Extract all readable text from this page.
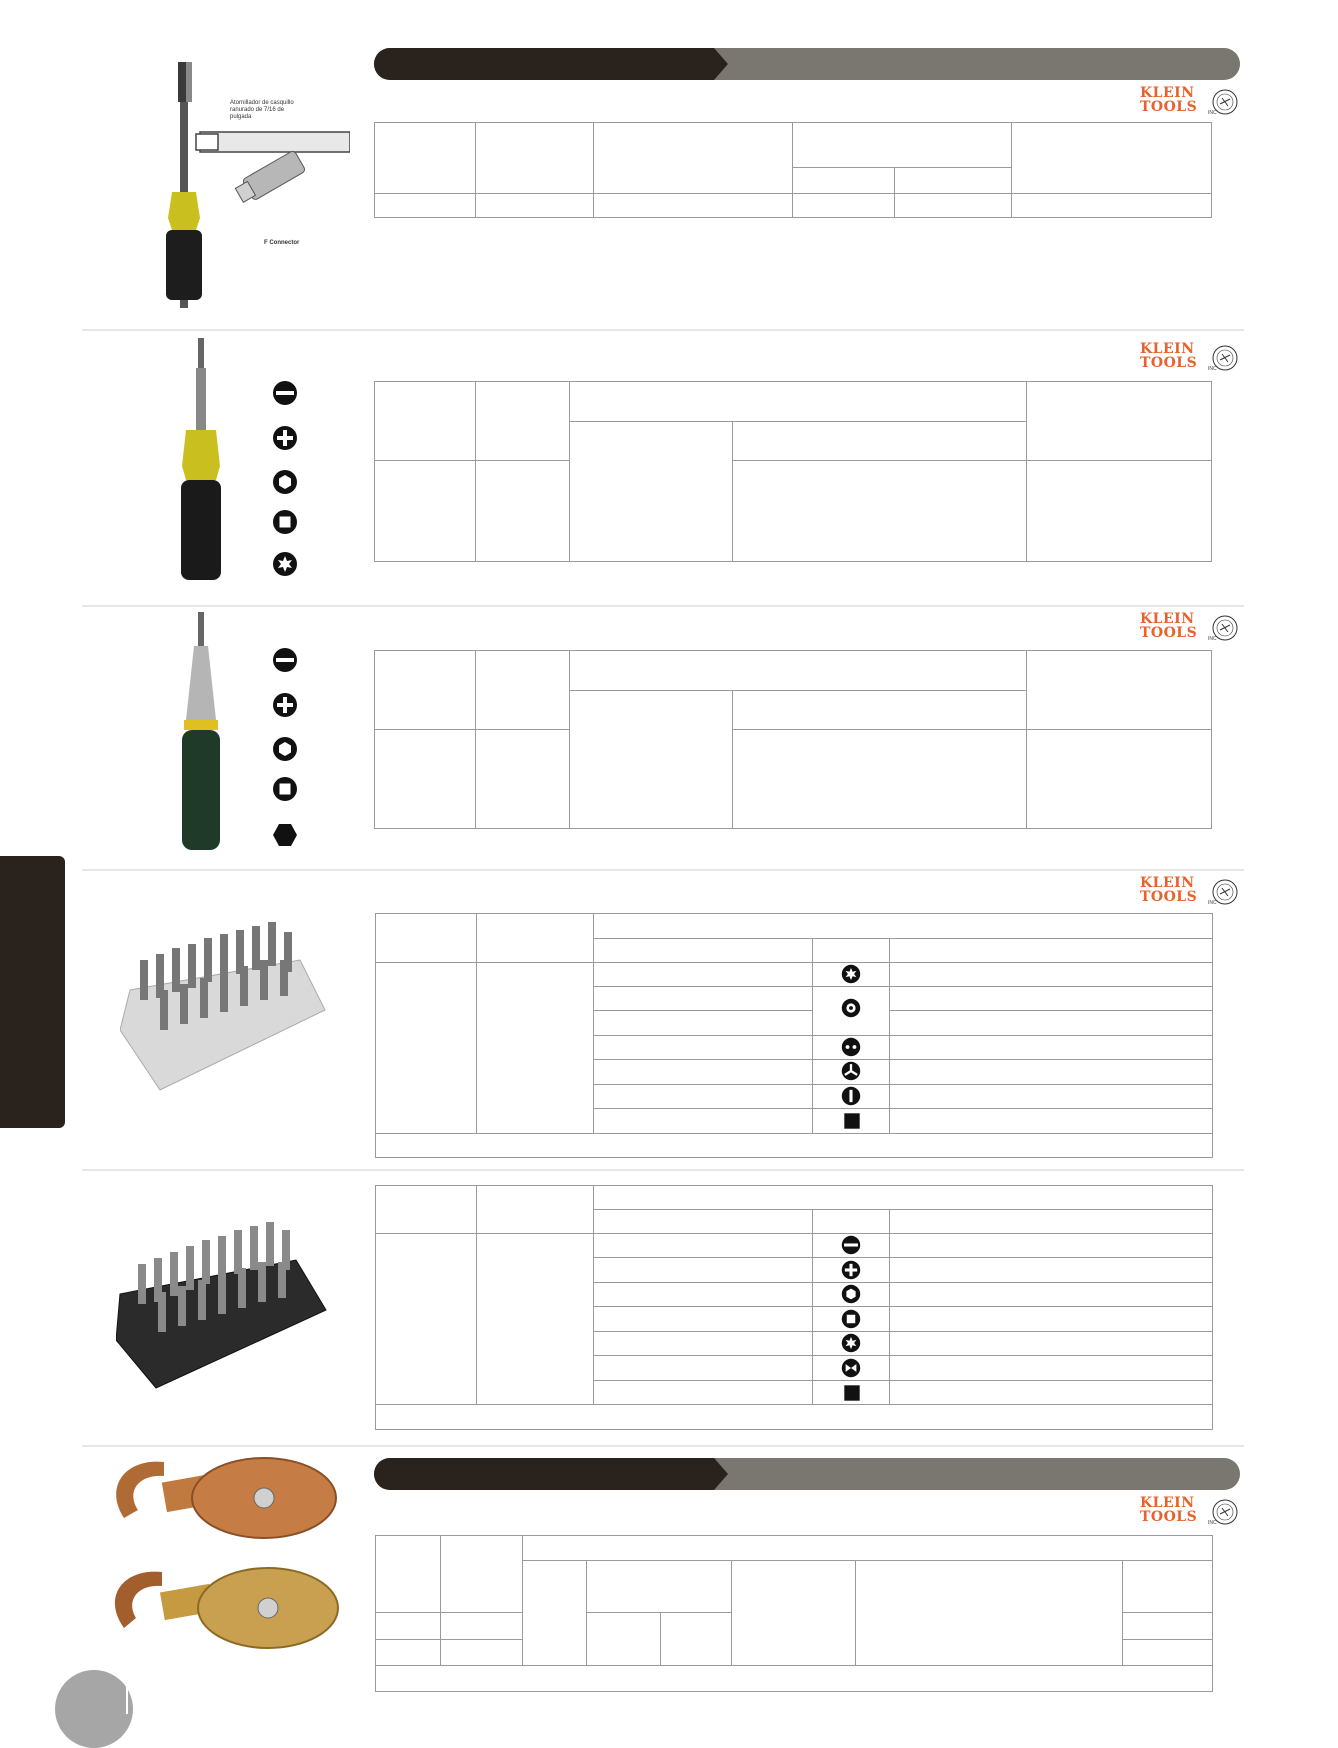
Atornillador de casquillo ranurado de 7/16 de pulgada
F Connector
KLEIN
TOOLS INC
KLEIN
TOOLS INC
KLEIN
TOOLS INC
KLEIN
TOOLS INC
KLEIN
TOOLS INC
